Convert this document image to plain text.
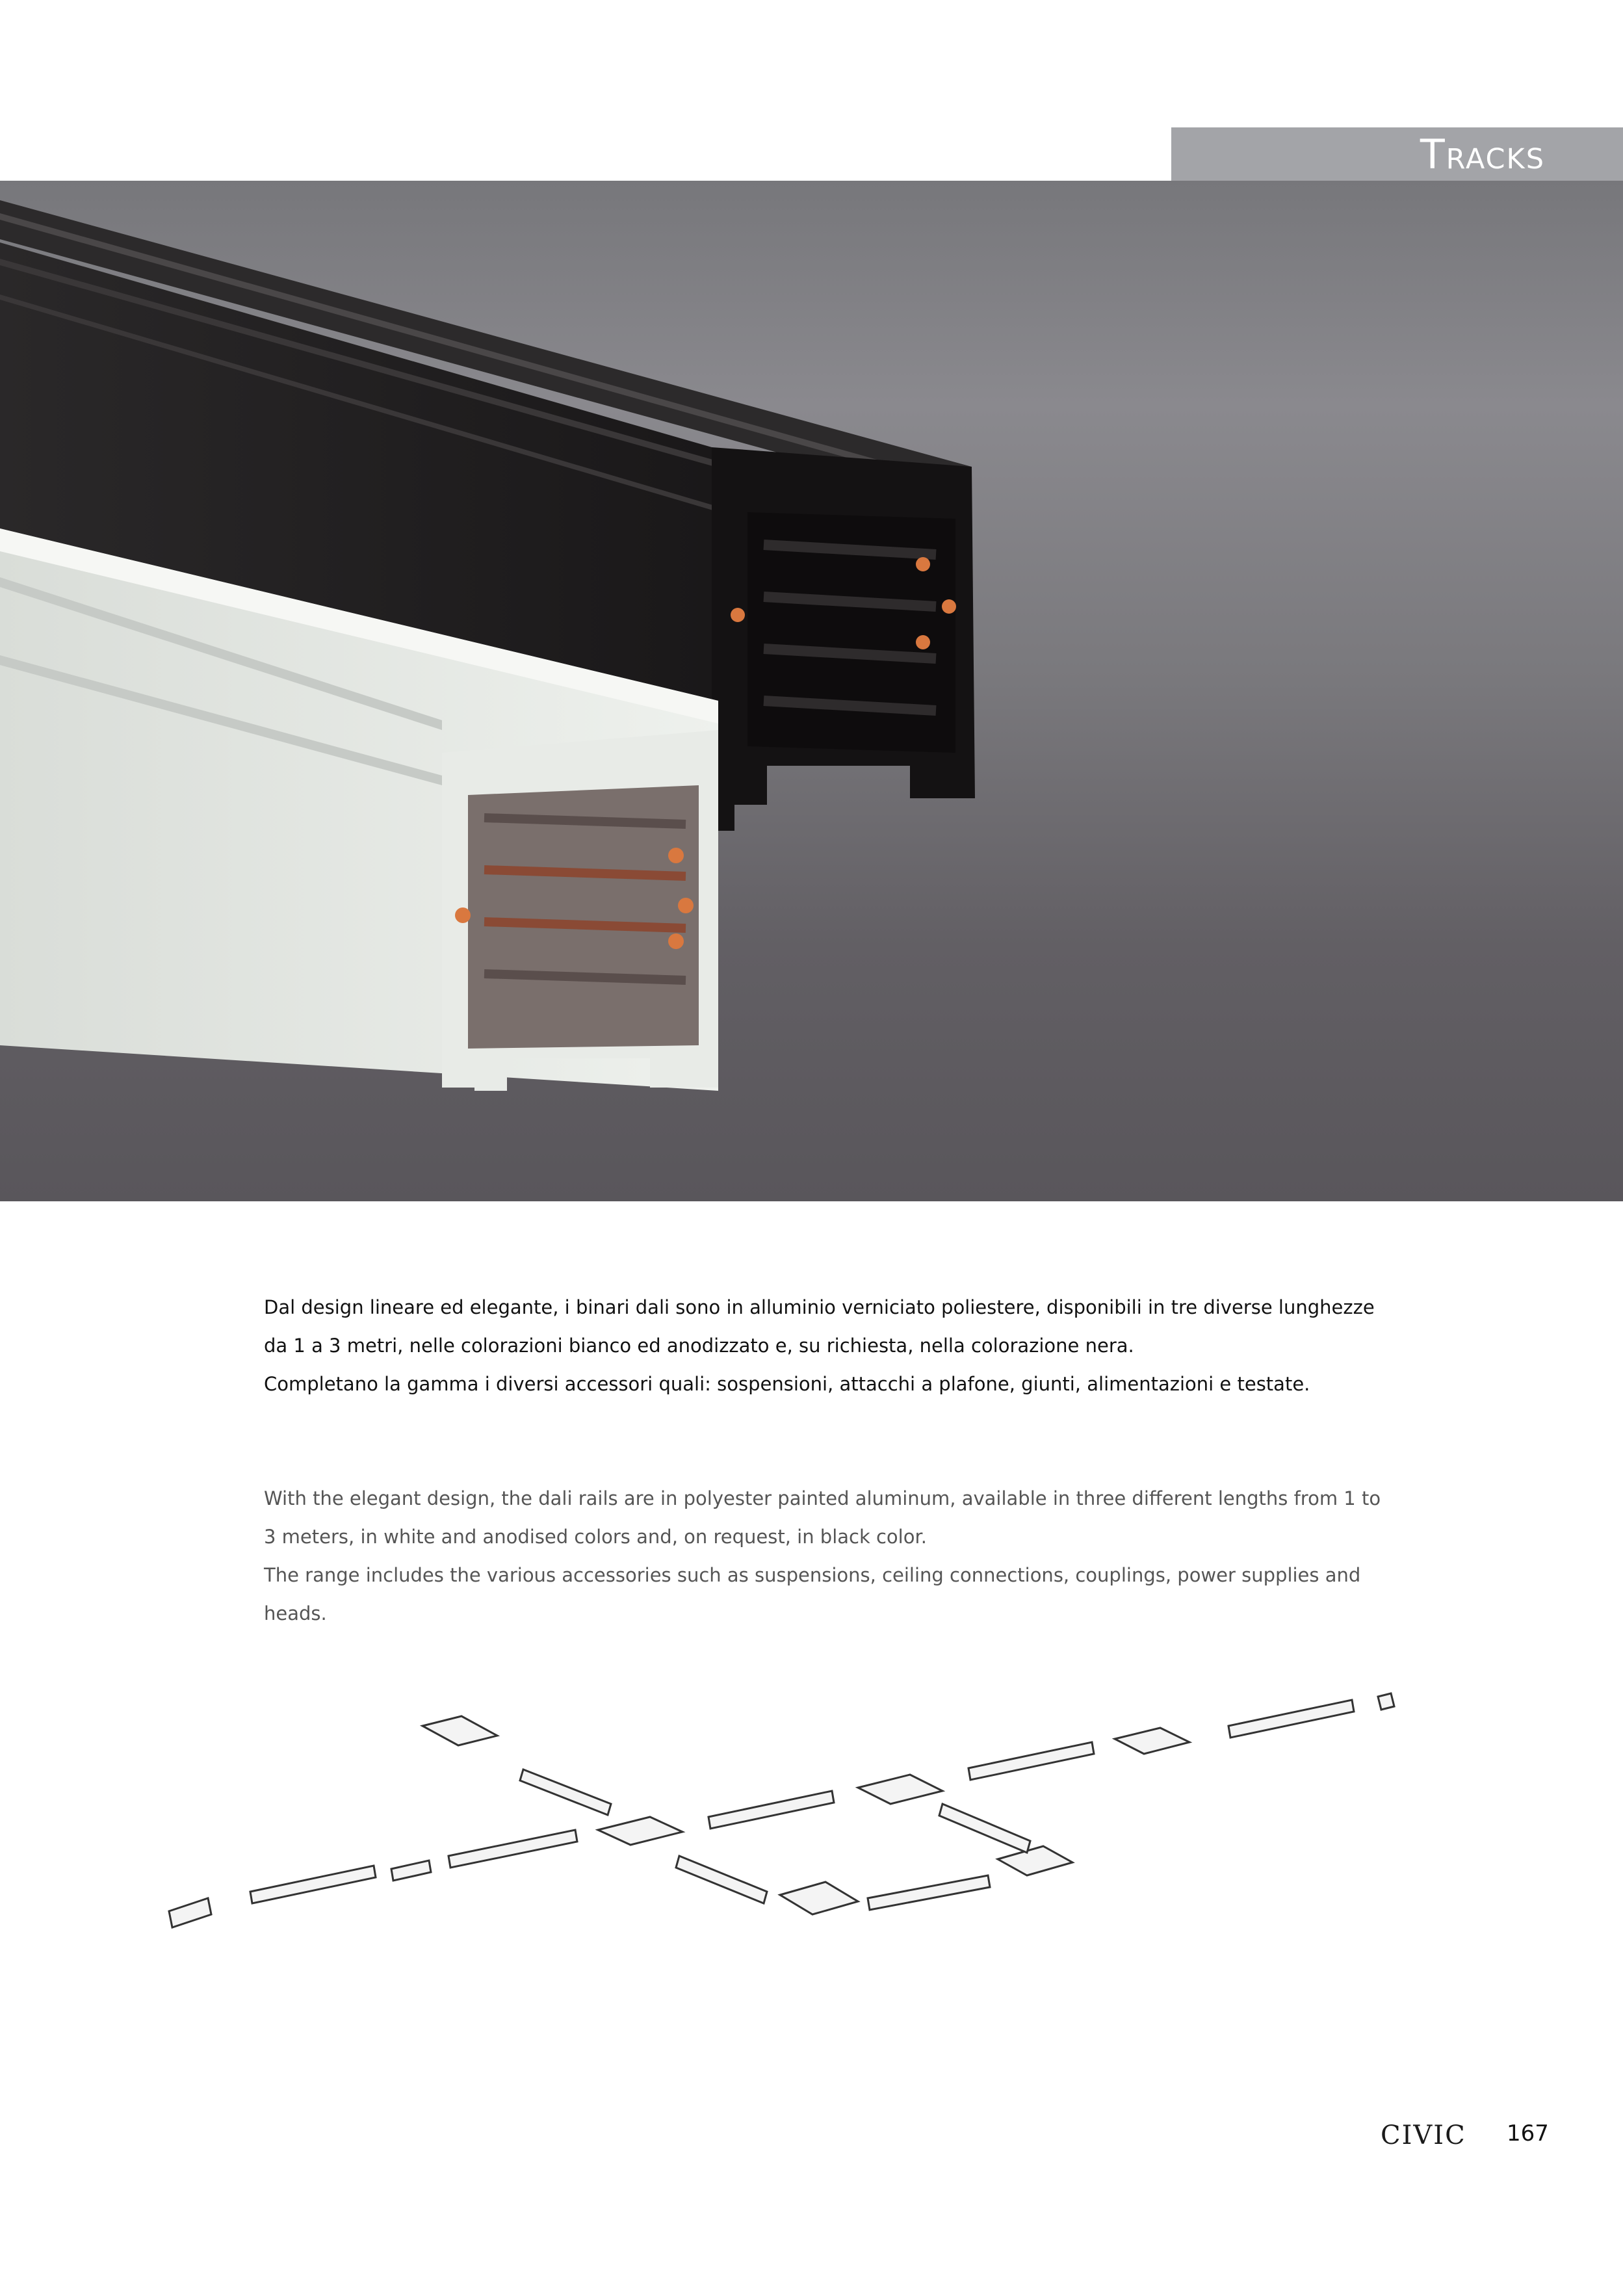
Tracks

Dal design lineare ed elegante, i binari dali sono in alluminio verniciato poliestere, disponibili in tre diverse lunghezze da 1 a 3 metri, nelle colorazioni bianco ed anodizzato e, su richiesta, nella colorazione nera.

Completano la gamma i diversi accessori quali: sospensioni, attacchi a plafone, giunti, alimentazioni e testate.

With the elegant design, the dali rails are in polyester painted aluminum, available in three different lengths from 1 to 3 meters, in white and anodised colors and, on request, in black color.

The range includes the various accessories such as suspensions, ceiling connections, couplings, power supplies and heads.

CIVIC 167
